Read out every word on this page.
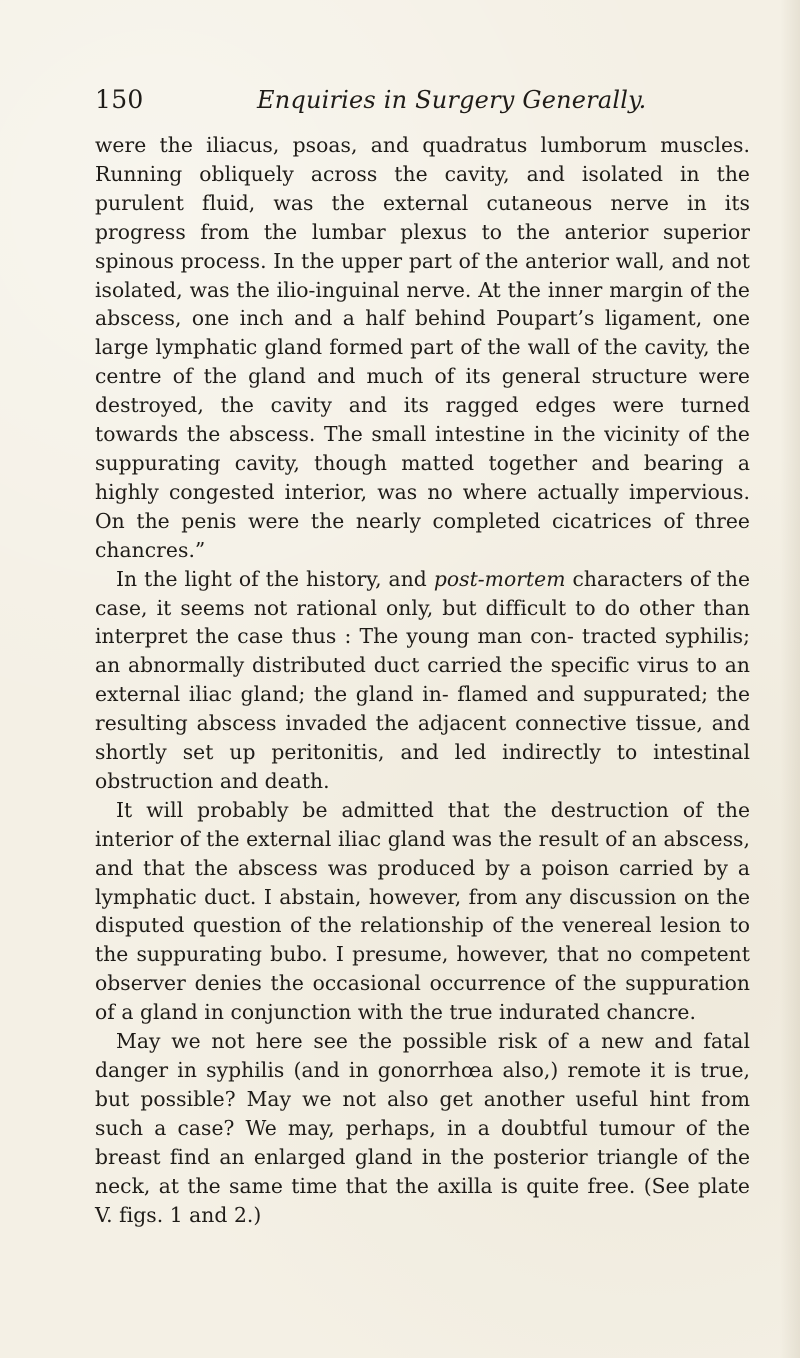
150	Enquiries in Surgery Generally.

were the iliacus, psoas, and quadratus lumborum muscles. Running obliquely across the cavity, and isolated in the purulent fluid, was the external cutaneous nerve in its progress from the lumbar plexus to the anterior superior spinous process. In the upper part of the anterior wall, and not isolated, was the ilio-inguinal nerve. At the inner margin of the abscess, one inch and a half behind Poupart’s ligament, one large lymphatic gland formed part of the wall of the cavity, the centre of the gland and much of its general structure were destroyed, the cavity and its ragged edges were turned towards the abscess. The small intestine in the vicinity of the suppurating cavity, though matted together and bearing a highly congested interior, was no where actually impervious. On the penis were the nearly completed cicatrices of three chancres.”

In the light of the history, and post-mortem characters of the case, it seems not rational only, but difficult to do other than interpret the case thus : The young man con- tracted syphilis; an abnormally distributed duct carried the specific virus to an external iliac gland; the gland in- flamed and suppurated; the resulting abscess invaded the adjacent connective tissue, and shortly set up peritonitis, and led indirectly to intestinal obstruction and death.

It will probably be admitted that the destruction of the interior of the external iliac gland was the result of an abscess, and that the abscess was produced by a poison carried by a lymphatic duct. I abstain, however, from any discussion on the disputed question of the relationship of the venereal lesion to the suppurating bubo. I presume, however, that no competent observer denies the occasional occurrence of the suppuration of a gland in conjunction with the true indurated chancre.

May we not here see the possible risk of a new and fatal danger in syphilis (and in gonorrhœa also,) remote it is true, but possible? May we not also get another useful hint from such a case? We may, perhaps, in a doubtful tumour of the breast find an enlarged gland in the posterior triangle of the neck, at the same time that the axilla is quite free. (See plate V. figs. 1 and 2.)
